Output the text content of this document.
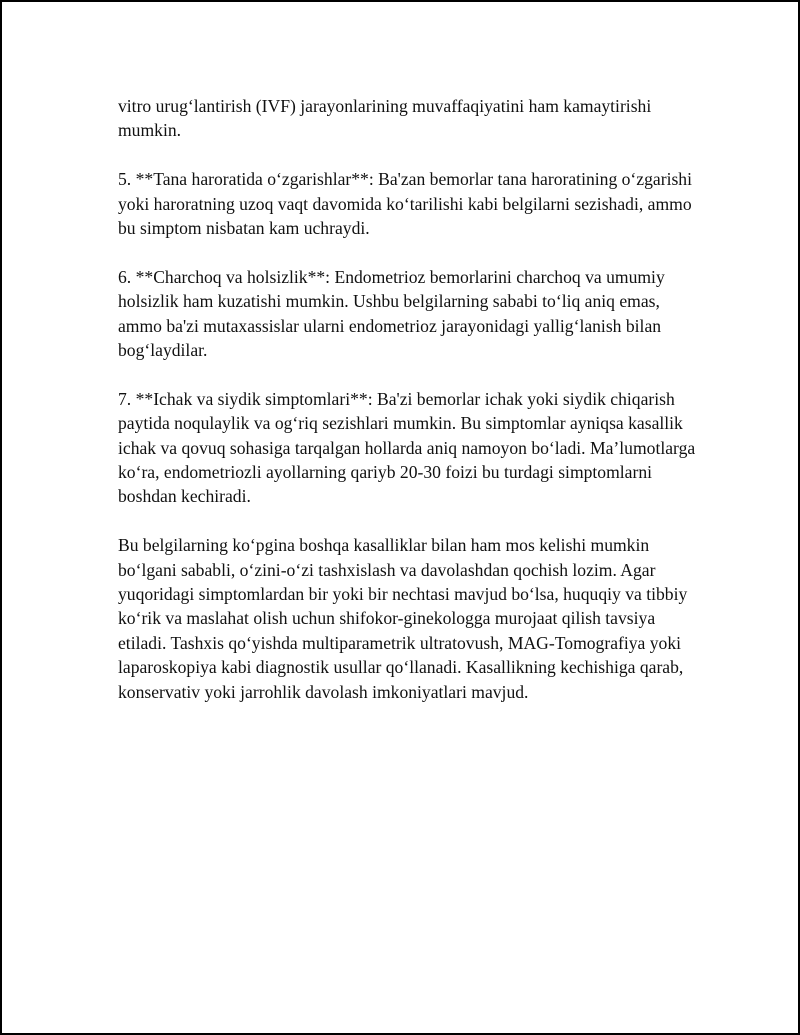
vitro urug‘lantirish (IVF) jarayonlarining muvaffaqiyatini ham kamaytirishi mumkin.

5. **Tana haroratida o‘zgarishlar**: Ba'zan bemorlar tana haroratining o‘zgarishi yoki haroratning uzoq vaqt davomida ko‘tarilishi kabi belgilarni sezishadi, ammo bu simptom nisbatan kam uchraydi.

6. **Charchoq va holsizlik**: Endometrioz bemorlarini charchoq va umumiy holsizlik ham kuzatishi mumkin. Ushbu belgilarning sababi to‘liq aniq emas, ammo ba'zi mutaxassislar ularni endometrioz jarayonidagi yallig‘lanish bilan bog‘laydilar.

7. **Ichak va siydik simptomlari**: Ba'zi bemorlar ichak yoki siydik chiqarish paytida noqulaylik va og‘riq sezishlari mumkin. Bu simptomlar ayniqsa kasallik ichak va qovuq sohasiga tarqalgan hollarda aniq namoyon bo‘ladi. Ma’lumotlarga ko‘ra, endometriozli ayollarning qariyb 20-30 foizi bu turdagi simptomlarni boshdan kechiradi.

Bu belgilarning ko‘pgina boshqa kasalliklar bilan ham mos kelishi mumkin bo‘lgani sababli, o‘zini-o‘zi tashxislash va davolashdan qochish lozim. Agar yuqoridagi simptomlardan bir yoki bir nechtasi mavjud bo‘lsa, huquqiy va tibbiy ko‘rik va maslahat olish uchun shifokor-ginekologga murojaat qilish tavsiya etiladi. Tashxis qo‘yishda multiparametrik ultratovush, MAG-Tomografiya yoki laparoskopiya kabi diagnostik usullar qo‘llanadi. Kasallikning kechishiga qarab, konservativ yoki jarrohlik davolash imkoniyatlari mavjud.
